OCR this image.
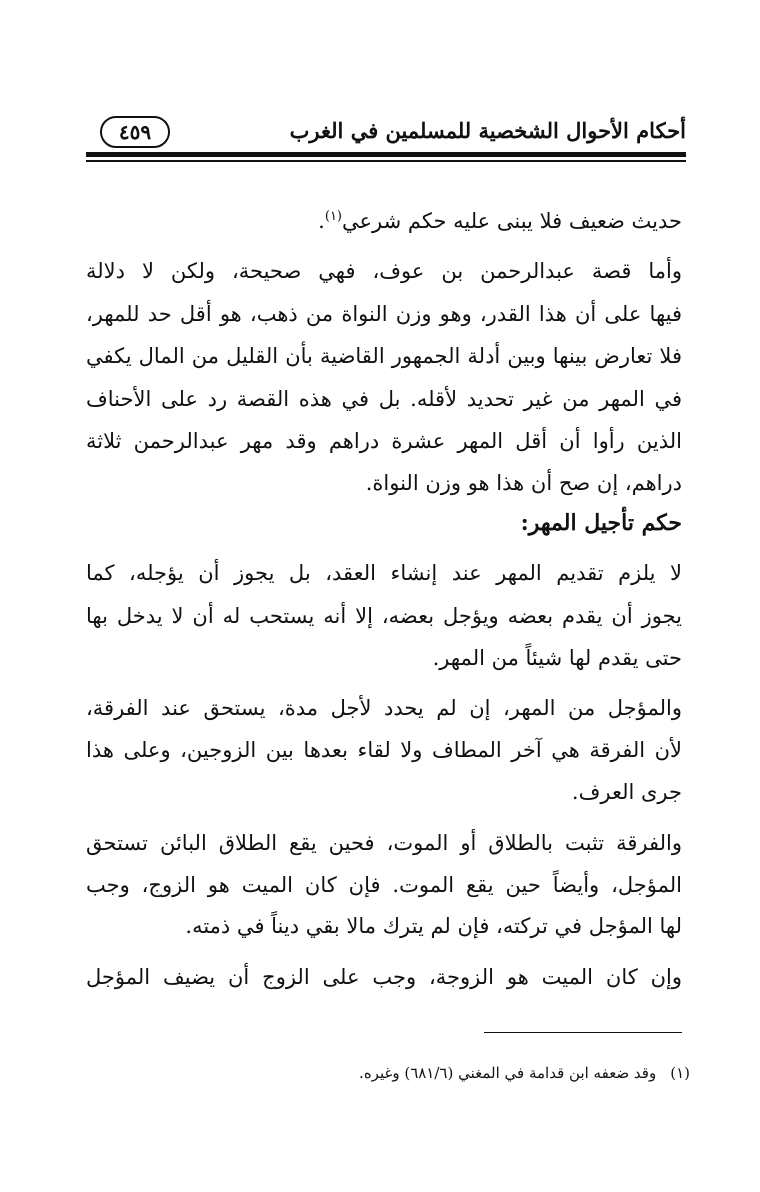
أحكام الأحوال الشخصية للمسلمين في الغرب
٤٥٩
حديث ضعيف فلا يبنى عليه حكم شرعي$^{(١)}$.
وأما قصة عبدالرحمن بن عوف، فهي صحيحة، ولكن لا دلالة
فيها على أن هذا القدر، وهو وزن النواة من ذهب، هو أقل حد للمهر،
فلا تعارض بينها وبين أدلة الجمهور القاضية بأن القليل من المال يكفي
في المهر من غير تحديد لأقله. بل في هذه القصة رد على الأحناف
الذين رأوا أن أقل المهر عشرة دراهم وقد مهر عبدالرحمن ثلاثة
دراهم، إن صح أن هذا هو وزن النواة.
حكم تأجيل المهر:
لا يلزم تقديم المهر عند إنشاء العقد، بل يجوز أن يؤجله، كما
يجوز أن يقدم بعضه ويؤجل بعضه، إلا أنه يستحب له أن لا يدخل بها
حتى يقدم لها شيئاً من المهر.
والمؤجل من المهر، إن لم يحدد لأجل مدة، يستحق عند الفرقة،
لأن الفرقة هي آخر المطاف ولا لقاء بعدها بين الزوجين، وعلى هذا
جرى العرف.
والفرقة تثبت بالطلاق أو الموت، فحين يقع الطلاق البائن تستحق
المؤجل، وأيضاً حين يقع الموت. فإن كان الميت هو الزوج، وجب
لها المؤجل في تركته، فإن لم يترك مالا بقي ديناً في ذمته.
وإن كان الميت هو الزوجة، وجب على الزوج أن يضيف المؤجل
(١)وقد ضعفه ابن قدامة في المغني (٦٨١/٦) وغيره.
